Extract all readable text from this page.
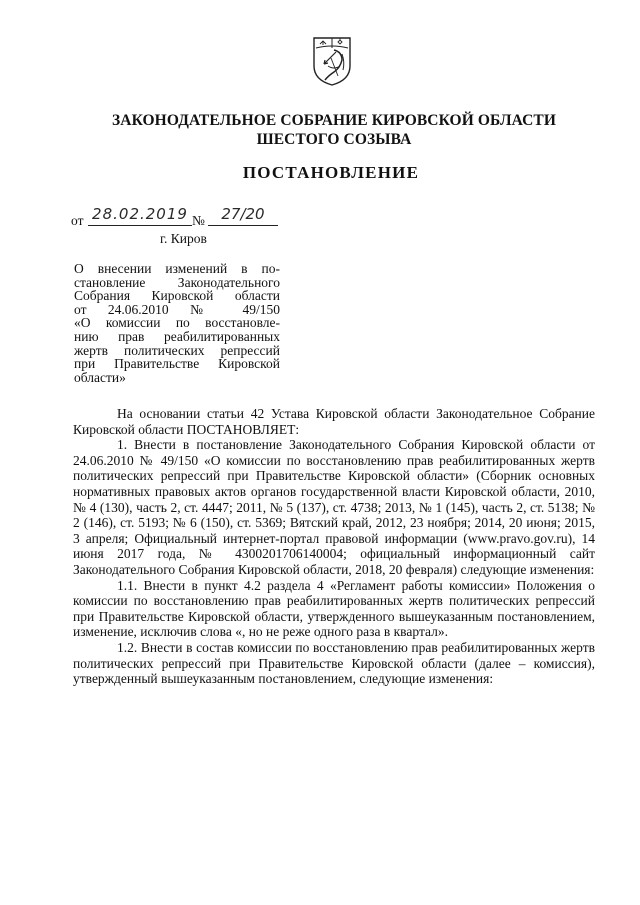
ЗАКОНОДАТЕЛЬНОЕ СОБРАНИЕ КИРОВСКОЙ ОБЛАСТИ
ШЕСТОГО СОЗЫВА
ПОСТАНОВЛЕНИЕ
от 28.02.2019 №	27/20
г. Киров
О внесении изменений в по-
становление Законодательного
Собрания Кировской области
от 24.06.2010 № 49/150
«О комиссии по восстановле-
нию прав реабилитированных
жертв политических репрессий
при Правительстве Кировской
области»

На основании статьи 42 Устава Кировской области Законодательное Собрание Кировской области ПОСТАНОВЛЯЕТ:

1. Внести в постановление Законодательного Собрания Кировской области от 24.06.2010 № 49/150 «О комиссии по восстановлению прав реабилитированных жертв политических репрессий при Правительстве Кировской области» (Сборник основных нормативных правовых актов органов государственной власти Кировской области, 2010, № 4 (130), часть 2, ст. 4447; 2011, № 5 (137), ст. 4738; 2013, № 1 (145), часть 2, ст. 5138; № 2 (146), ст. 5193; № 6 (150), ст. 5369; Вятский край, 2012, 23 ноября; 2014, 20 июня; 2015, 3 апреля; Официальный интернет-портал правовой информации (www.pravo.gov.ru), 14 июня 2017 года, № 4300201706140004; официальный информационный сайт Законодательного Собрания Кировской области, 2018, 20 февраля) следующие изменения:

1.1. Внести в пункт 4.2 раздела 4 «Регламент работы комиссии» Положения о комиссии по восстановлению прав реабилитированных жертв политических репрессий при Правительстве Кировской области, утвержденного вышеуказанным постановлением, изменение, исключив слова «, но не реже одного раза в квартал».

1.2. Внести в состав комиссии по восстановлению прав реабилитированных жертв политических репрессий при Правительстве Кировской области (далее – комиссия), утвержденный вышеуказанным постановлением, следующие изменения:
